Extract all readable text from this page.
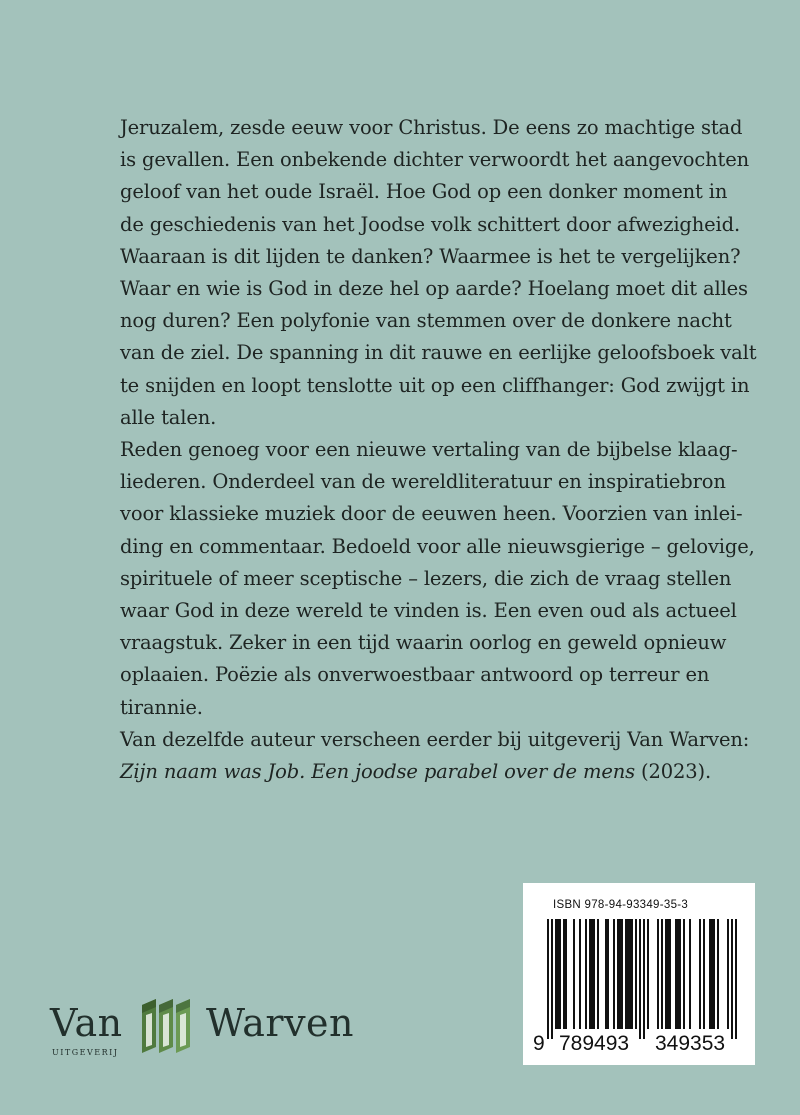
Jeruzalem, zesde eeuw voor Christus. De eens zo machtige stad
is gevallen. Een onbekende dichter verwoordt het aangevochten
geloof van het oude Israël. Hoe God op een donker moment in
de geschiedenis van het Joodse volk schittert door afwezigheid.
Waaraan is dit lijden te danken? Waarmee is het te vergelijken?
Waar en wie is God in deze hel op aarde? Hoelang moet dit alles
nog duren? Een polyfonie van stemmen over de donkere nacht
van de ziel. De spanning in dit rauwe en eerlijke geloofsboek valt
te snijden en loopt tenslotte uit op een cliffhanger: God zwijgt in
alle talen.

Reden genoeg voor een nieuwe vertaling van de bijbelse klaag-
liederen. Onderdeel van de wereldliteratuur en inspiratiebron
voor klassieke muziek door de eeuwen heen. Voorzien van inlei-
ding en commentaar. Bedoeld voor alle nieuwsgierige – gelovige,
spirituele of meer sceptische – lezers, die zich de vraag stellen
waar God in deze wereld te vinden is. Een even oud als actueel
vraagstuk. Zeker in een tijd waarin oorlog en geweld opnieuw
oplaaien. Poëzie als onverwoestbaar antwoord op terreur en
tirannie.

Van dezelfde auteur verscheen eerder bij uitgeverij Van Warven:
Zijn naam was Job. Een joodse parabel over de mens (2023).

Van Warven
UITGEVERIJ
ISBN 978-94-93349-35-3
9 789493 349353
